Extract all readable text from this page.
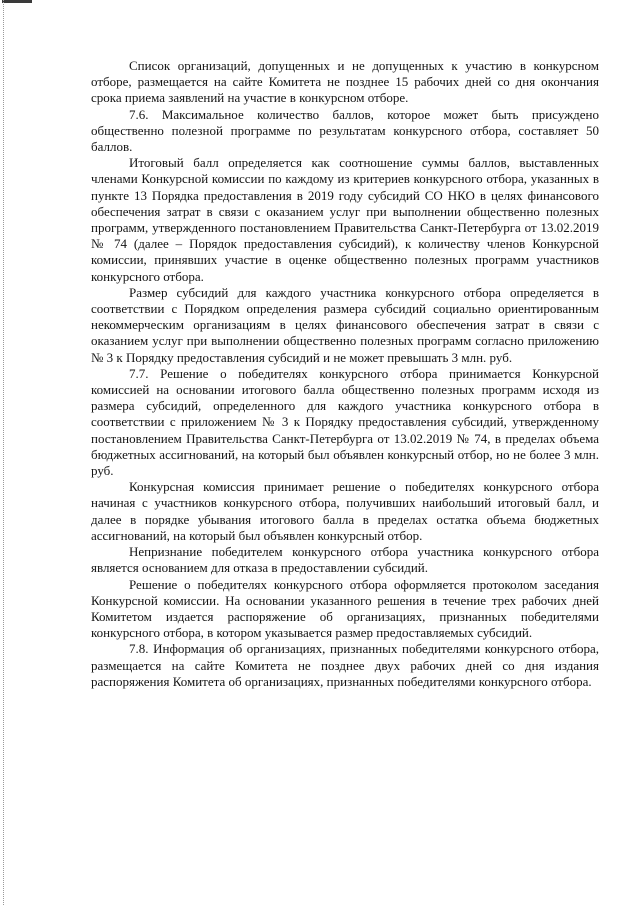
Список организаций, допущенных и не допущенных к участию в конкурсном отборе, размещается на сайте Комитета не позднее 15 рабочих дней со дня окончания срока приема заявлений на участие в конкурсном отборе.

7.6. Максимальное количество баллов, которое может быть присуждено общественно полезной программе по результатам конкурсного отбора, составляет 50 баллов.

Итоговый балл определяется как соотношение суммы баллов, выставленных членами Конкурсной комиссии по каждому из критериев конкурсного отбора, указанных в пункте 13 Порядка предоставления в 2019 году субсидий СО НКО в целях финансового обеспечения затрат в связи с оказанием услуг при выполнении общественно полезных программ, утвержденного постановлением Правительства Санкт-Петербурга от 13.02.2019 № 74 (далее – Порядок предоставления субсидий), к количеству членов Конкурсной комиссии, принявших участие в оценке общественно полезных программ участников конкурсного отбора.

Размер субсидий для каждого участника конкурсного отбора определяется в соответствии с Порядком определения размера субсидий социально ориентированным некоммерческим организациям в целях финансового обеспечения затрат в связи с оказанием услуг при выполнении общественно полезных программ согласно приложению № 3 к Порядку предоставления субсидий и не может превышать 3 млн. руб.

7.7. Решение о победителях конкурсного отбора принимается Конкурсной комиссией на основании итогового балла общественно полезных программ исходя из размера субсидий, определенного для каждого участника конкурсного отбора в соответствии с приложением № 3 к Порядку предоставления субсидий, утвержденному постановлением Правительства Санкт-Петербурга от 13.02.2019 № 74, в пределах объема бюджетных ассигнований, на который был объявлен конкурсный отбор, но не более 3 млн. руб.

Конкурсная комиссия принимает решение о победителях конкурсного отбора начиная с участников конкурсного отбора, получивших наибольший итоговый балл, и далее в порядке убывания итогового балла в пределах остатка объема бюджетных ассигнований, на который был объявлен конкурсный отбор.

Непризнание победителем конкурсного отбора участника конкурсного отбора является основанием для отказа в предоставлении субсидий.

Решение о победителях конкурсного отбора оформляется протоколом заседания Конкурсной комиссии. На основании указанного решения в течение трех рабочих дней Комитетом издается распоряжение об организациях, признанных победителями конкурсного отбора, в котором указывается размер предоставляемых субсидий.

7.8. Информация об организациях, признанных победителями конкурсного отбора, размещается на сайте Комитета не позднее двух рабочих дней со дня издания распоряжения Комитета об организациях, признанных победителями конкурсного отбора.
